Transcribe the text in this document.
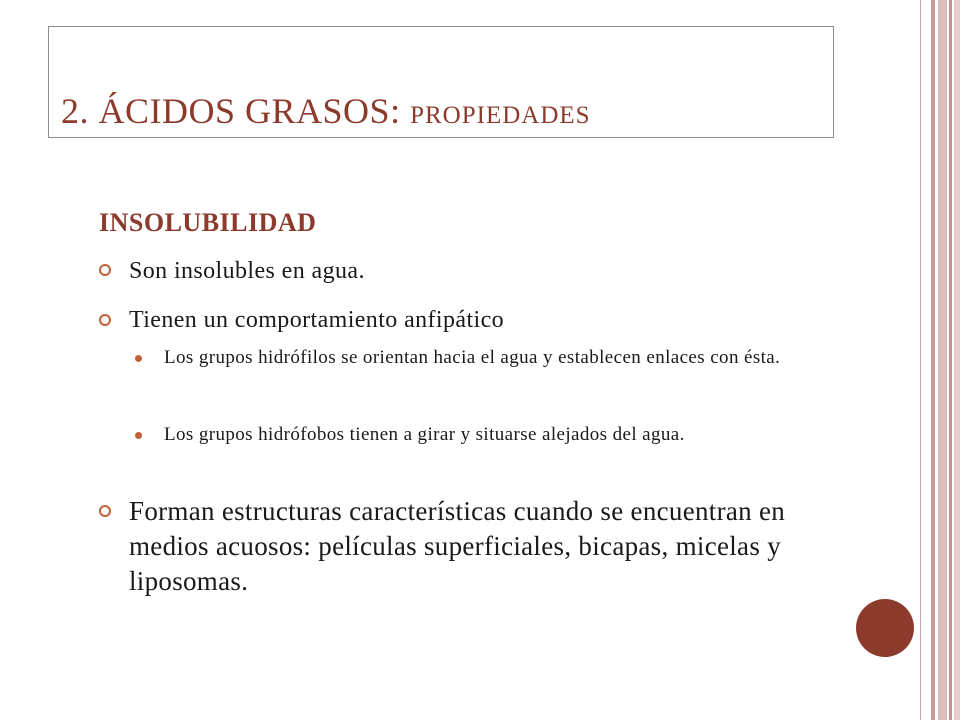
2. ÁCIDOS GRASOS: PROPIEDADES
INSOLUBILIDAD
Son insolubles en agua.
Tienen un comportamiento anfipático
Los grupos hidrófilos se orientan hacia el agua y establecen enlaces con ésta.
Los grupos hidrófobos tienen a girar y situarse alejados del agua.
Forman estructuras características cuando se encuentran en medios acuosos: películas superficiales, bicapas, micelas y liposomas.
